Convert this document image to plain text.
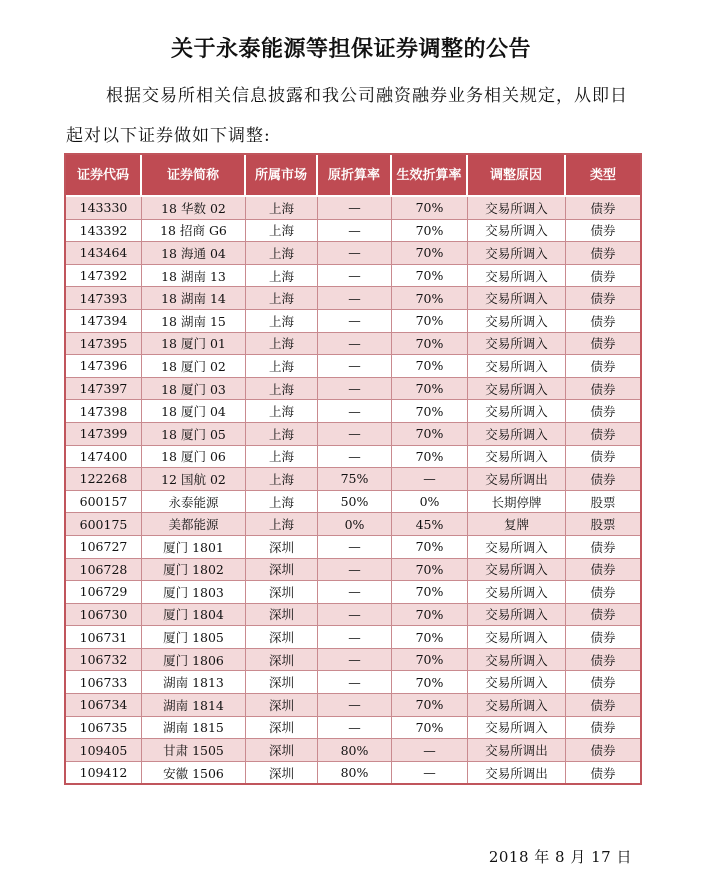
关于永泰能源等担保证券调整的公告
根据交易所相关信息披露和我公司融资融券业务相关规定，从即日起对以下证券做如下调整:
证券代码	证券简称	所属市场	原折算率	生效折算率	调整原因	类型
143330	18 华数 02	上海	—	70%	交易所调入	债券
143392	18 招商 G6	上海	—	70%	交易所调入	债券
143464	18 海通 04	上海	—	70%	交易所调入	债券
147392	18 湖南 13	上海	—	70%	交易所调入	债券
147393	18 湖南 14	上海	—	70%	交易所调入	债券
147394	18 湖南 15	上海	—	70%	交易所调入	债券
147395	18 厦门 01	上海	—	70%	交易所调入	债券
147396	18 厦门 02	上海	—	70%	交易所调入	债券
147397	18 厦门 03	上海	—	70%	交易所调入	债券
147398	18 厦门 04	上海	—	70%	交易所调入	债券
147399	18 厦门 05	上海	—	70%	交易所调入	债券
147400	18 厦门 06	上海	—	70%	交易所调入	债券
122268	12 国航 02	上海	75%	—	交易所调出	债券
600157	永泰能源	上海	50%	0%	长期停牌	股票
600175	美都能源	上海	0%	45%	复牌	股票
106727	厦门 1801	深圳	—	70%	交易所调入	债券
106728	厦门 1802	深圳	—	70%	交易所调入	债券
106729	厦门 1803	深圳	—	70%	交易所调入	债券
106730	厦门 1804	深圳	—	70%	交易所调入	债券
106731	厦门 1805	深圳	—	70%	交易所调入	债券
106732	厦门 1806	深圳	—	70%	交易所调入	债券
106733	湖南 1813	深圳	—	70%	交易所调入	债券
106734	湖南 1814	深圳	—	70%	交易所调入	债券
106735	湖南 1815	深圳	—	70%	交易所调入	债券
109405	甘肃 1505	深圳	80%	—	交易所调出	债券
109412	安徽 1506	深圳	80%	—	交易所调出	债券
2018 年 8 月 17 日
